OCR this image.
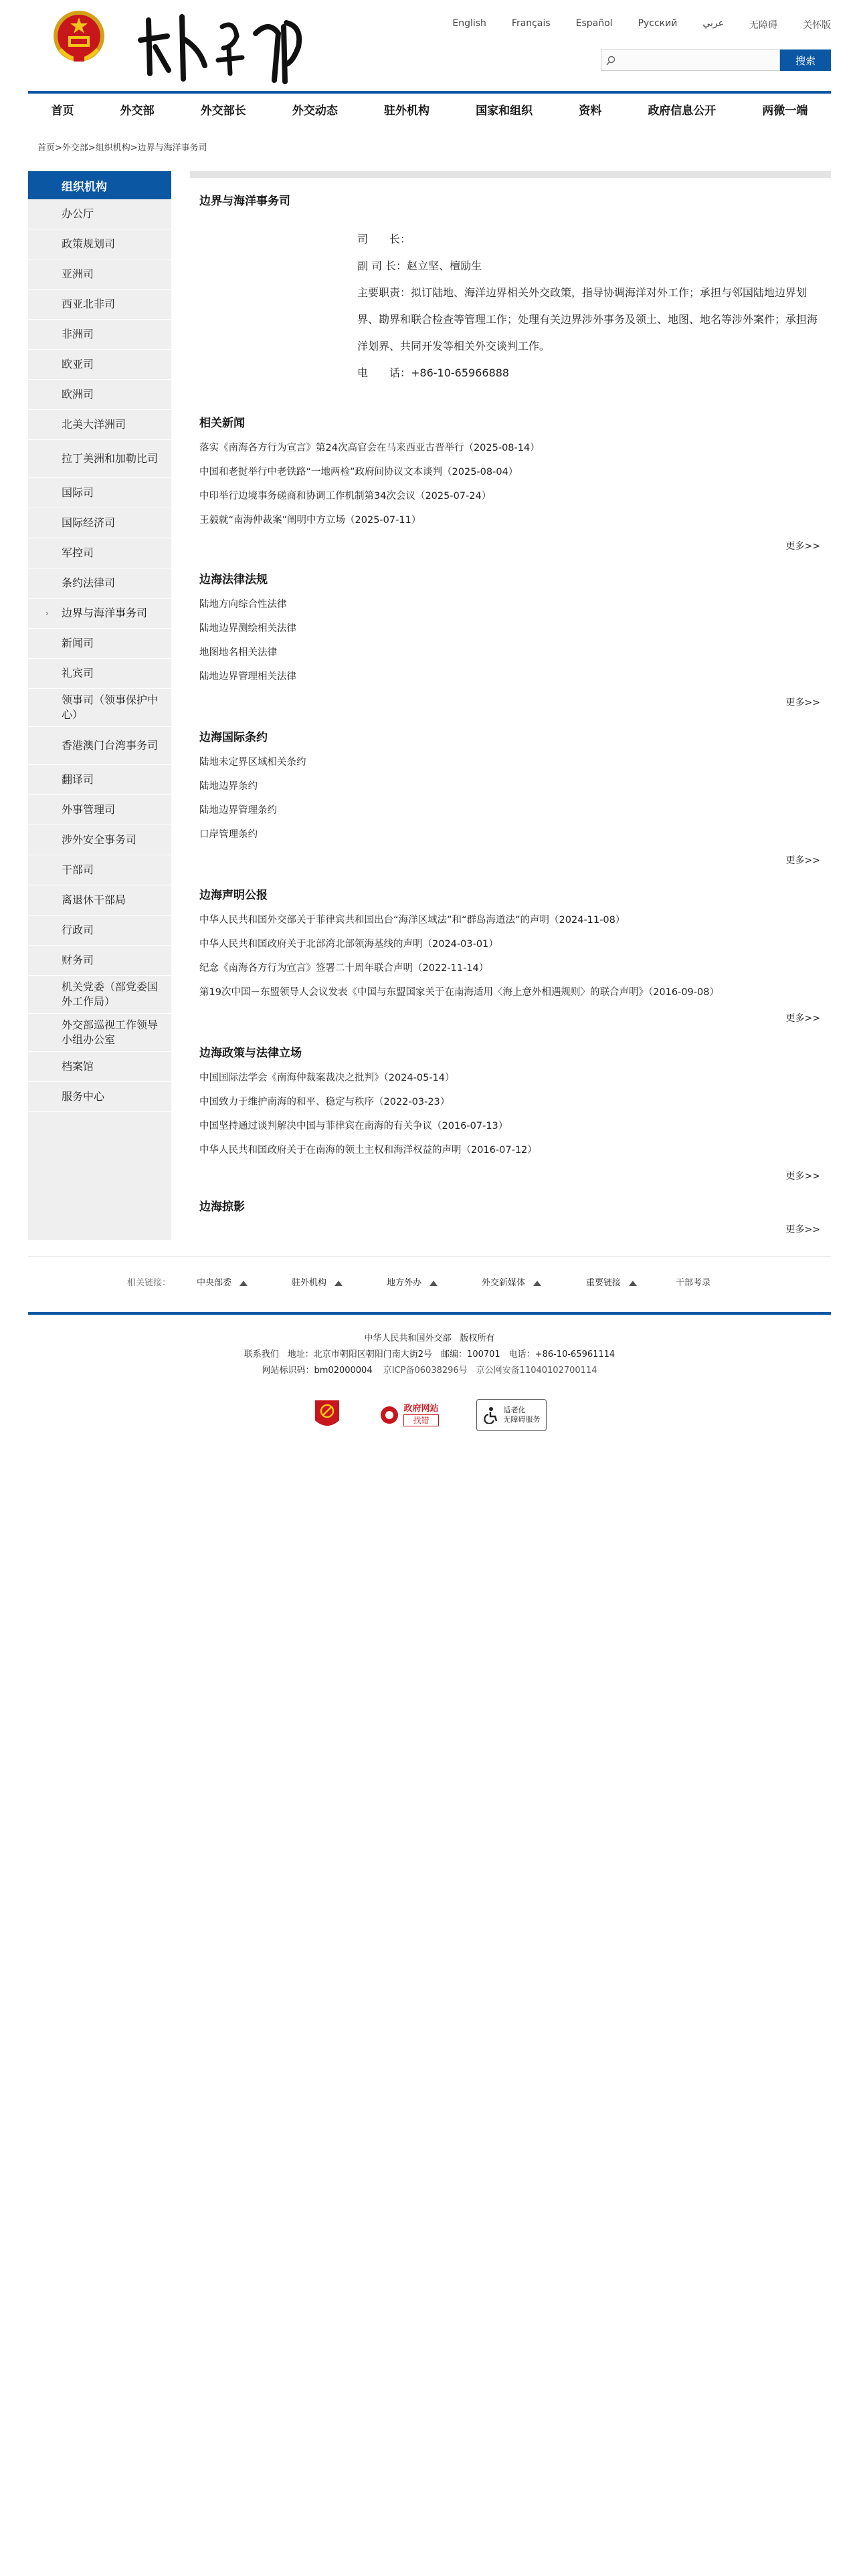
English	Français	Español	Русский	عربي	无障碍	关怀版
搜索
首页	外交部	外交部长	外交动态	驻外机构	国家和组织	资料	政府信息公开	两微一端
首页>外交部>组织机构>边界与海洋事务司
组织机构
办公厅
政策规划司
亚洲司
西亚北非司
非洲司
欧亚司
欧洲司
北美大洋洲司
拉丁美洲和加勒比司
国际司
国际经济司
军控司
条约法律司
› 边界与海洋事务司
新闻司
礼宾司
领事司（领事保护中心）
香港澳门台湾事务司
翻译司
外事管理司
涉外安全事务司
干部司
离退休干部局
行政司
财务司
机关党委（部党委国外工作局）
外交部巡视工作领导小组办公室
档案馆
服务中心
边界与海洋事务司
司　　长：
副 司 长：赵立坚、檀励生
主要职责：拟订陆地、海洋边界相关外交政策，指导协调海洋对外工作；承担与邻国陆地边界划界、勘界和联合检查等管理工作；处理有关边界涉外事务及领土、地图、地名等涉外案件；承担海洋划界、共同开发等相关外交谈判工作。
电　　话：+86-10-65966888
相关新闻
落实《南海各方行为宣言》第24次高官会在马来西亚古晋举行（2025-08-14）
中国和老挝举行中老铁路“一地两检”政府间协议文本谈判（2025-08-04）
中印举行边境事务磋商和协调工作机制第34次会议（2025-07-24）
王毅就“南海仲裁案”阐明中方立场（2025-07-11）
更多>>
边海法律法规
陆地方向综合性法律
陆地边界测绘相关法律
地图地名相关法律
陆地边界管理相关法律
更多>>
边海国际条约
陆地未定界区域相关条约
陆地边界条约
陆地边界管理条约
口岸管理条约
更多>>
边海声明公报
中华人民共和国外交部关于菲律宾共和国出台“海洋区域法”和“群岛海道法”的声明（2024-11-08）
中华人民共和国政府关于北部湾北部领海基线的声明（2024-03-01）
纪念《南海各方行为宣言》签署二十周年联合声明（2022-11-14）
第19次中国－东盟领导人会议发表《中国与东盟国家关于在南海适用〈海上意外相遇规则〉的联合声明》（2016-09-08）
更多>>
边海政策与法律立场
中国国际法学会《南海仲裁案裁决之批判》（2024-05-14）
中国致力于维护南海的和平、稳定与秩序（2022-03-23）
中国坚持通过谈判解决中国与菲律宾在南海的有关争议（2016-07-13）
中华人民共和国政府关于在南海的领土主权和海洋权益的声明（2016-07-12）
更多>>
边海掠影
更多>>
相关链接：	中央部委	驻外机构	地方外办	外交新媒体	重要链接	干部考录
中华人民共和国外交部　版权所有
联系我们　地址：北京市朝阳区朝阳门南大街2号　邮编：100701　电话：+86-10-65961114
网站标识码：bm02000004 京ICP备06038296号　京公网安备110401027001​14
政府网站
找错
适老化
无障碍服务
